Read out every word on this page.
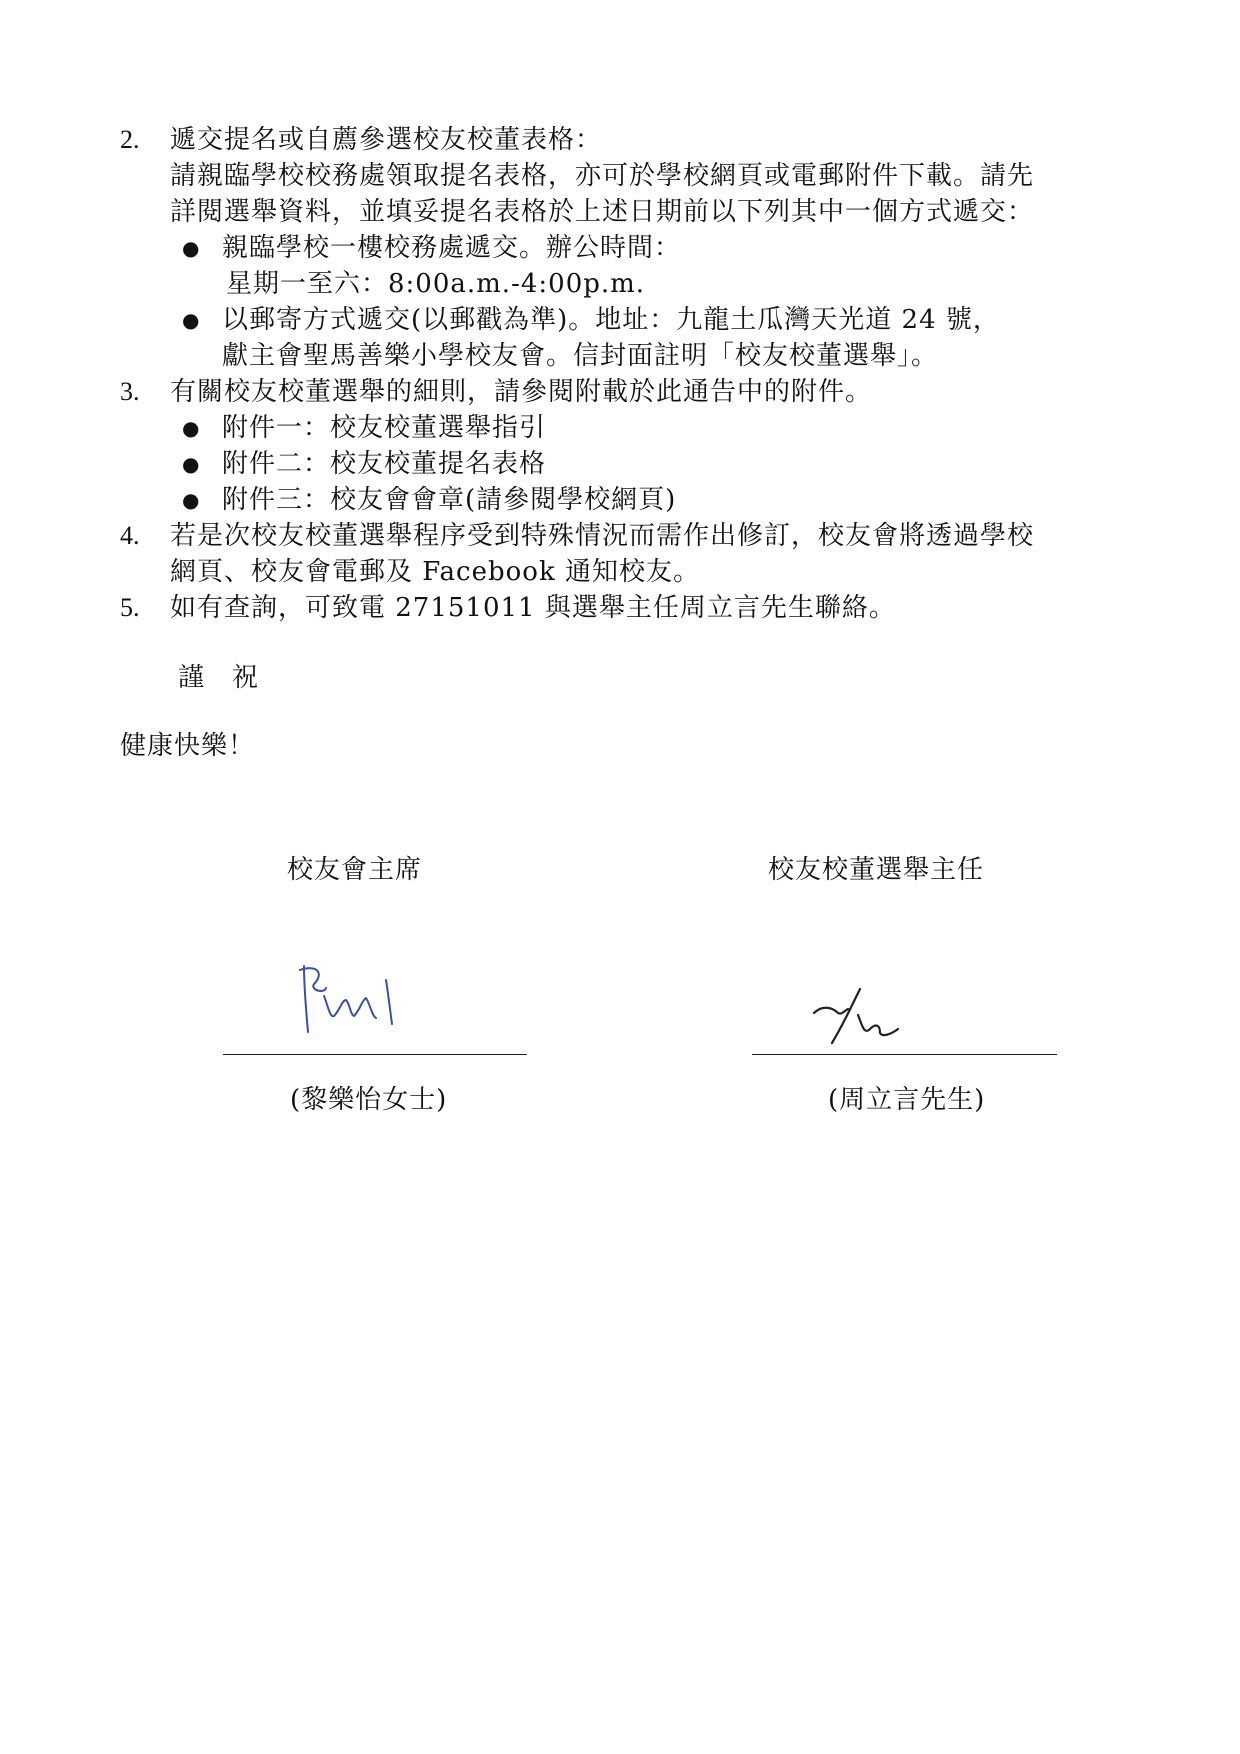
2. 遞交提名或自薦參選校友校董表格：
請親臨學校校務處領取提名表格，亦可於學校網頁或電郵附件下載。請先
詳閱選舉資料，並填妥提名表格於上述日期前以下列其中一個方式遞交：
● 親臨學校一樓校務處遞交。辦公時間：
星期一至六：8:00a.m.-4:00p.m.
● 以郵寄方式遞交(以郵戳為準)。地址：九龍土瓜灣天光道 24 號，
獻主會聖馬善樂小學校友會。信封面註明「校友校董選舉」。
3. 有關校友校董選舉的細則，請參閱附載於此通告中的附件。
● 附件一：校友校董選舉指引
● 附件二：校友校董提名表格
● 附件三：校友會會章(請參閱學校網頁)
4. 若是次校友校董選舉程序受到特殊情況而需作出修訂，校友會將透過學校
網頁、校友會電郵及 Facebook 通知校友。
5. 如有查詢，可致電 27151011 與選舉主任周立言先生聯絡。
謹　祝
健康快樂！
校友會主席
(黎樂怡女士)
校友校董選舉主任
(周立言先生)
